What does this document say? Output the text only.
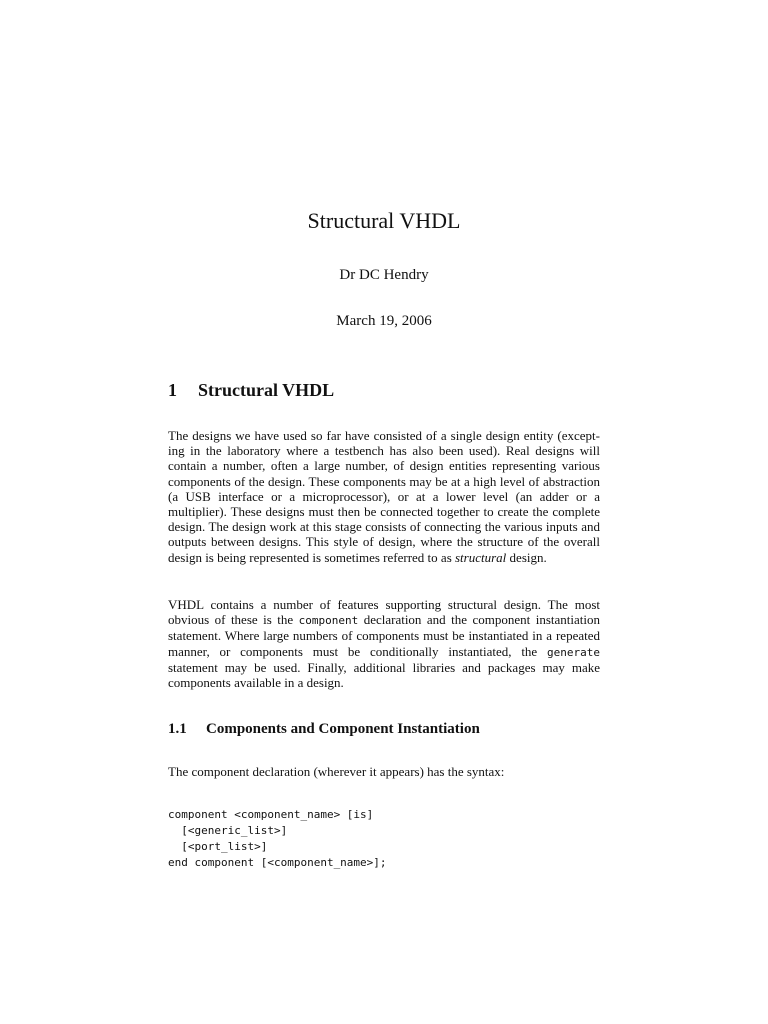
Structural VHDL
Dr DC Hendry
March 19, 2006
1 Structural VHDL
The designs we have used so far have consisted of a single design entity (excepting in the laboratory where a testbench has also been used). Real designs will contain a number, often a large number, of design entities representing various components of the design. These components may be at a high level of abstraction (a USB interface or a microprocessor), or at a lower level (an adder or a multiplier). These designs must then be connected together to create the complete design. The design work at this stage consists of connecting the various inputs and outputs between designs. This style of design, where the structure of the overall design is being represented is sometimes referred to as structural design.
VHDL contains a number of features supporting structural design. The most obvious of these is the component declaration and the component instantiation statement. Where large numbers of components must be instantiated in a repeated manner, or components must be conditionally instantiated, the generate statement may be used. Finally, additional libraries and packages may make components available in a design.
1.1 Components and Component Instantiation
The component declaration (wherever it appears) has the syntax:
component <component_name> [is]
[<generic_list>]
[<port_list>]
end component [<component_name>];
